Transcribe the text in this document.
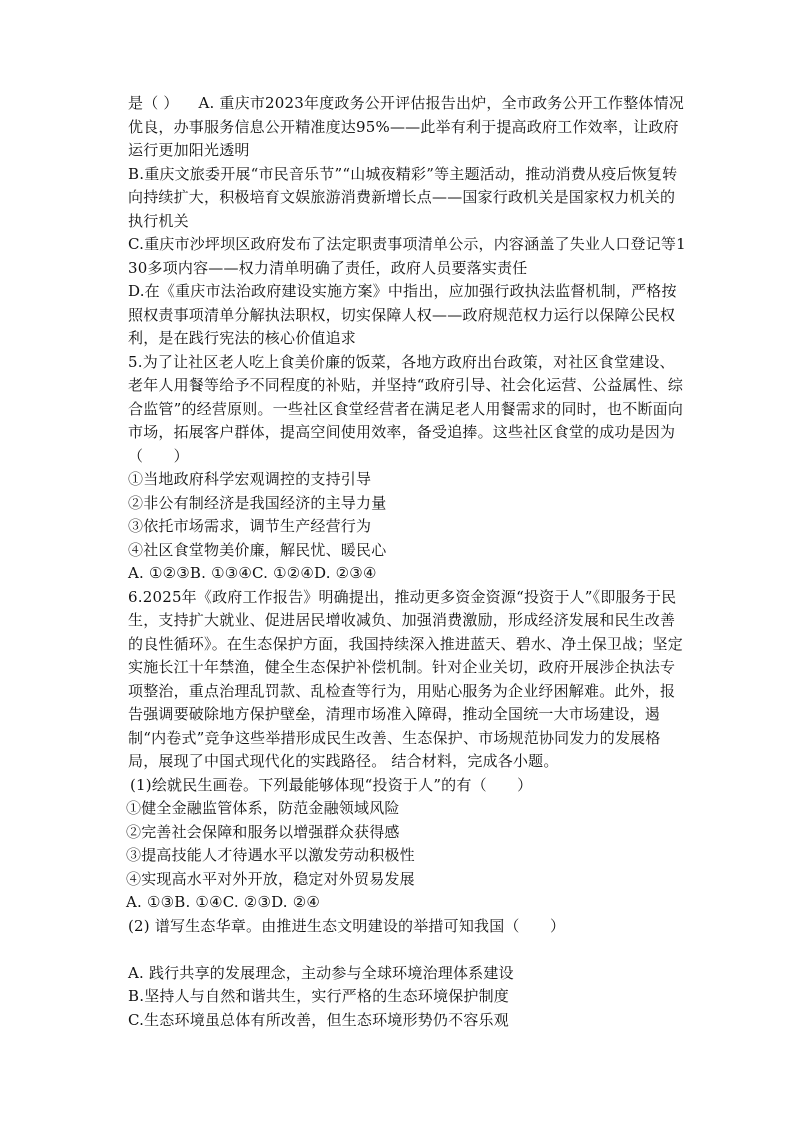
是（ ） A. 重庆市2023年度政务公开评估报告出炉，全市政务公开工作整体情况优良，办事服务信息公开精准度达95%——此举有利于提高政府工作效率，让政府运行更加阳光透明

B.重庆文旅委开展“市民音乐节”“山城夜精彩”等主题活动，推动消费从疫后恢复转向持续扩大，积极培育文娱旅游消费新增长点——国家行政机关是国家权力机关的执行机关

C.重庆市沙坪坝区政府发布了法定职责事项清单公示，内容涵盖了失业人口登记等130多项内容——权力清单明确了责任，政府人员要落实责任

D.在《重庆市法治政府建设实施方案》中指出，应加强行政执法监督机制，严格按照权责事项清单分解执法职权，切实保障人权——政府规范权力运行以保障公民权利，是在践行宪法的核心价值追求

5.为了让社区老人吃上食美价廉的饭菜，各地方政府出台政策，对社区食堂建设、老年人用餐等给予不同程度的补贴，并坚持“政府引导、社会化运营、公益属性、综合监管”的经营原则。一些社区食堂经营者在满足老人用餐需求的同时，也不断面向市场，拓展客户群体，提高空间使用效率，备受追捧。这些社区食堂的成功是因为（　　）

①当地政府科学宏观调控的支持引导

②非公有制经济是我国经济的主导力量

③依托市场需求，调节生产经营行为

④社区食堂物美价廉，解民忧、暖民心

A. ①②③B. ①③④C. ①②④D. ②③④

6.2025年《政府工作报告》明确提出，推动更多资金资源“投资于人”《即服务于民生，支持扩大就业、促进居民增收减负、加强消费激励，形成经济发展和民生改善的良性循环》。在生态保护方面，我国持续深入推进蓝天、碧水、净土保卫战；坚定实施长江十年禁渔，健全生态保护补偿机制。针对企业关切，政府开展涉企执法专项整治，重点治理乱罚款、乱检查等行为，用贴心服务为企业纾困解难。此外，报告强调要破除地方保护壁垒，清理市场准入障碍，推动全国统一大市场建设，遏制“内卷式”竞争这些举措形成民生改善、生态保护、市场规范协同发力的发展格局，展现了中国式现代化的实践路径。 结合材料，完成各小题。

(1)绘就民生画卷。下列最能够体现“投资于人”的有（　　）

①健全金融监管体系，防范金融领域风险

②完善社会保障和服务以增强群众获得感

③提高技能人才待遇水平以激发劳动积极性

④实现高水平对外开放，稳定对外贸易发展

A. ①③B. ①④C. ②③D. ②④

(2) 谱写生态华章。由推进生态文明建设的举措可知我国（　　）

A. 践行共享的发展理念，主动参与全球环境治理体系建设

B.坚持人与自然和谐共生，实行严格的生态环境保护制度

C.生态环境虽总体有所改善，但生态环境形势仍不容乐观
